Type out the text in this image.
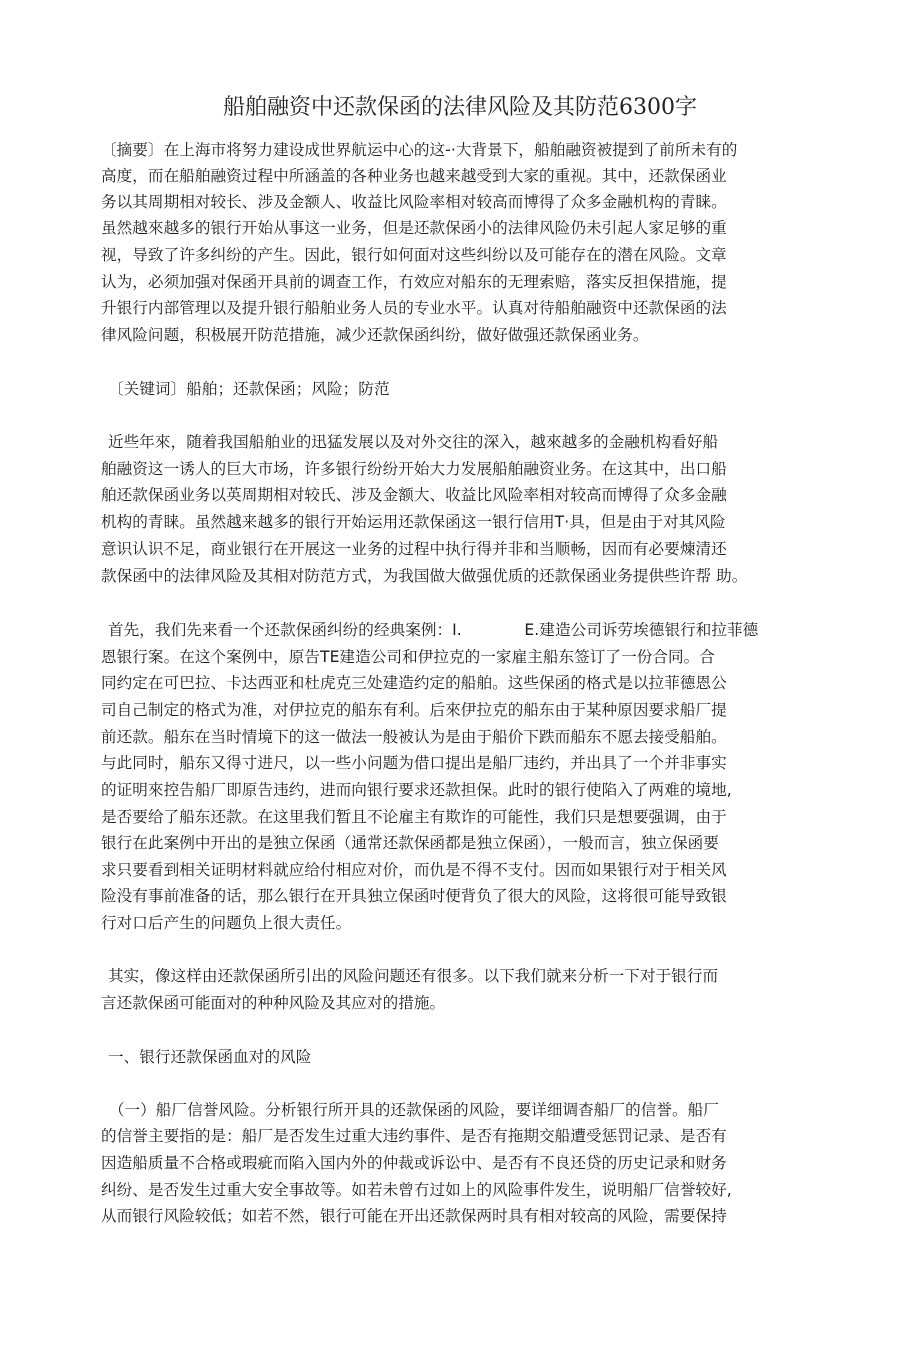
船舶融资中还款保函的法律风险及其防范6300字
〔摘要〕在上海市将努力建设成世界航运中心的这-·大背景下，船舶融资被提到了前所未有的
高度，而在船舶融资过程中所涵盖的各种业务也越来越受到大家的重视。其中，还款保函业
务以其周期相对较长、涉及金额人、收益比风险率相对较高而博得了众多金融机构的青睐。
虽然越來越多的银行开始从事这一业务，但是还款保函小的法律风险仍未引起人家足够的重
视，导致了许多纠纷的产生。因此，银行如何面对这些纠纷以及可能存在的潜在风险。文章
认为，必须加强对保函开具前的调查工作，冇效应对船东的无理索赔，落实反担保措施，提
升银行内部管理以及提升银行船舶业务人员的专业水平。认真对待船舶融资中还款保函的法
律风险问题，积极展开防范措施，减少还款保函纠纷，做好做强还款保函业务。
〔关键词〕船舶；还款保函；风险；防范
近些年來，随着我国船舶业的迅猛发展以及对外交往的深入，越來越多的金融机构看好船
舶融资这一诱人的巨大市场，许多银行纷纷开始大力发展船舶融资业务。在这其中，出口船
舶还款保函业务以英周期相对较氏、涉及金额大、收益比风险率相对较高而博得了众多金融
机构的青睐。虽然越来越多的银行开始运用还款保函这一银行信用T·具，但是由于对其风险
意识认识不足，商业银行在开展这一业务的过程中执行得并非和当顺畅，因而有必要煉清还
款保函中的法律风险及其相对防范方式，为我国做大做强优质的还款保函业务提供些许帮 助。
首先，我们先来看一个还款保函纠纷的经典案例：I.　　　　E.建造公司诉劳埃德银行和拉菲德
恩银行案。在这个案例中，原告TE建造公司和伊拉克的一家雇主船东签订了一份合同。合
同约定在可巴拉、卡达西亚和杜虎克三处建造约定的船舶。这些保函的格式是以拉菲德恩公
司自己制定的格式为准，对伊拉克的船东有利。后來伊拉克的船东由于某种原因要求船厂提
前还款。船东在当时情境下的这一做法一般被认为是由于船价下跌而船东不愿去接受船舶。
与此同时，船东又得寸进尺，以一些小问题为借口提出是船厂违约，并出具了一个并非事实
的证明來控告船厂即原告违约，进而向银行要求还款担保。此时的银行使陷入了两难的境地,
是否要给了船东还款。在这里我们暂且不论雇主有欺诈的可能性，我们只是想要强调，由于
银行在此案例中开出的是独立保函（通常还款保函都是独立保函），一般而言，独立保函要
求只要看到相关证明材料就应给付相应对价，而仇是不得不支付。因而如果银行对于相关风
险没有事前准备的话，那么银行在开具独立保函吋便背负了很大的风险，这将很可能导致银
行对口后产生的问题负上很大责任。
其实，像这样由还款保函所引出的风险问题还有很多。以下我们就来分析一下对于银行而
言还款保函可能面对的种种风险及其应对的措施。
一、银行还款保函血对的风险
　（一）船厂信誉风险。分析银行所开具的还款保函的风险，要详细调杳船厂的信誉。船厂
的信誉主要指的是：船厂是否发生过重大违约事件、是否有拖期交船遭受惩罚记录、是否有
因造船质量不合格或瑕疵而陷入国内外的仲裁或诉讼中、是否有不良还贷的历史记录和财务
纠纷、是否发生过重大安全事故等。如若未曾冇过如上的风险事件发生，说明船厂信誉较好,
从而银行风险较低；如若不然，银行可能在开出还款保两时具有相对较高的风险，需要保持
